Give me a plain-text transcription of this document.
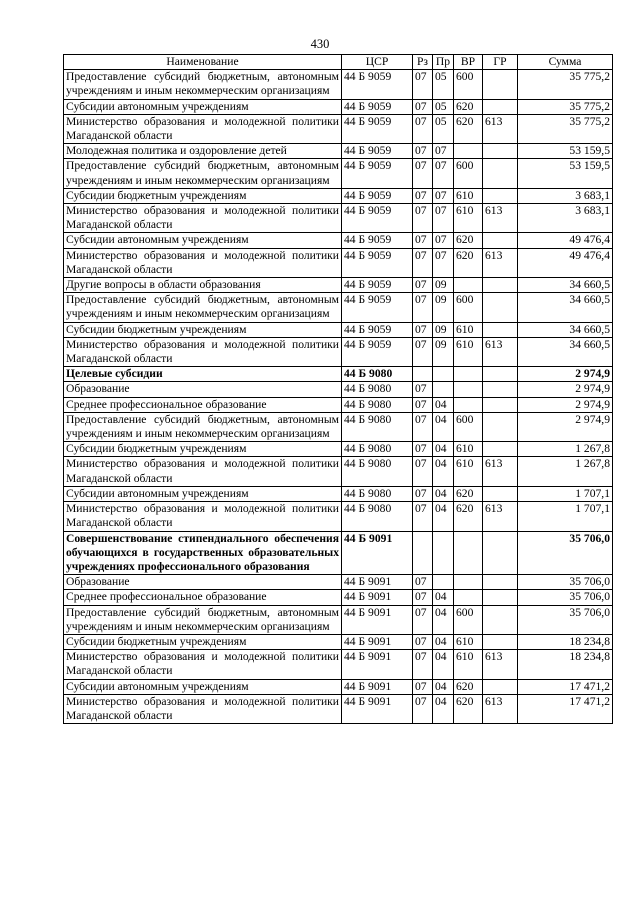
430
Наименование	ЦСР	Рз	Пр	ВР	ГР	Сумма
Предоставление субсидий бюджетным, автономным учреждениям и иным некоммерческим организациям	44 Б 9059	07	05	600		35 775,2
Субсидии автономным учреждениям	44 Б 9059	07	05	620		35 775,2
Министерство образования и молодежной политики Магаданской области	44 Б 9059	07	05	620	613	35 775,2
Молодежная политика и оздоровление детей	44 Б 9059	07	07			53 159,5
Предоставление субсидий бюджетным, автономным учреждениям и иным некоммерческим организациям	44 Б 9059	07	07	600		53 159,5
Субсидии бюджетным учреждениям	44 Б 9059	07	07	610		3 683,1
Министерство образования и молодежной политики Магаданской области	44 Б 9059	07	07	610	613	3 683,1
Субсидии автономным учреждениям	44 Б 9059	07	07	620		49 476,4
Министерство образования и молодежной политики Магаданской области	44 Б 9059	07	07	620	613	49 476,4
Другие вопросы в области образования	44 Б 9059	07	09			34 660,5
Предоставление субсидий бюджетным, автономным учреждениям и иным некоммерческим организациям	44 Б 9059	07	09	600		34 660,5
Субсидии бюджетным учреждениям	44 Б 9059	07	09	610		34 660,5
Министерство образования и молодежной политики Магаданской области	44 Б 9059	07	09	610	613	34 660,5
Целевые субсидии	44 Б 9080					2 974,9
Образование	44 Б 9080	07				2 974,9
Среднее профессиональное образование	44 Б 9080	07	04			2 974,9
Предоставление субсидий бюджетным, автономным учреждениям и иным некоммерческим организациям	44 Б 9080	07	04	600		2 974,9
Субсидии бюджетным учреждениям	44 Б 9080	07	04	610		1 267,8
Министерство образования и молодежной политики Магаданской области	44 Б 9080	07	04	610	613	1 267,8
Субсидии автономным учреждениям	44 Б 9080	07	04	620		1 707,1
Министерство образования и молодежной политики Магаданской области	44 Б 9080	07	04	620	613	1 707,1
Совершенствование стипендиального обеспечения обучающихся в государственных образовательных учреждениях профессионального образования	44 Б 9091					35 706,0
Образование	44 Б 9091	07				35 706,0
Среднее профессиональное образование	44 Б 9091	07	04			35 706,0
Предоставление субсидий бюджетным, автономным учреждениям и иным некоммерческим организациям	44 Б 9091	07	04	600		35 706,0
Субсидии бюджетным учреждениям	44 Б 9091	07	04	610		18 234,8
Министерство образования и молодежной политики Магаданской области	44 Б 9091	07	04	610	613	18 234,8
Субсидии автономным учреждениям	44 Б 9091	07	04	620		17 471,2
Министерство образования и молодежной политики Магаданской области	44 Б 9091	07	04	620	613	17 471,2
